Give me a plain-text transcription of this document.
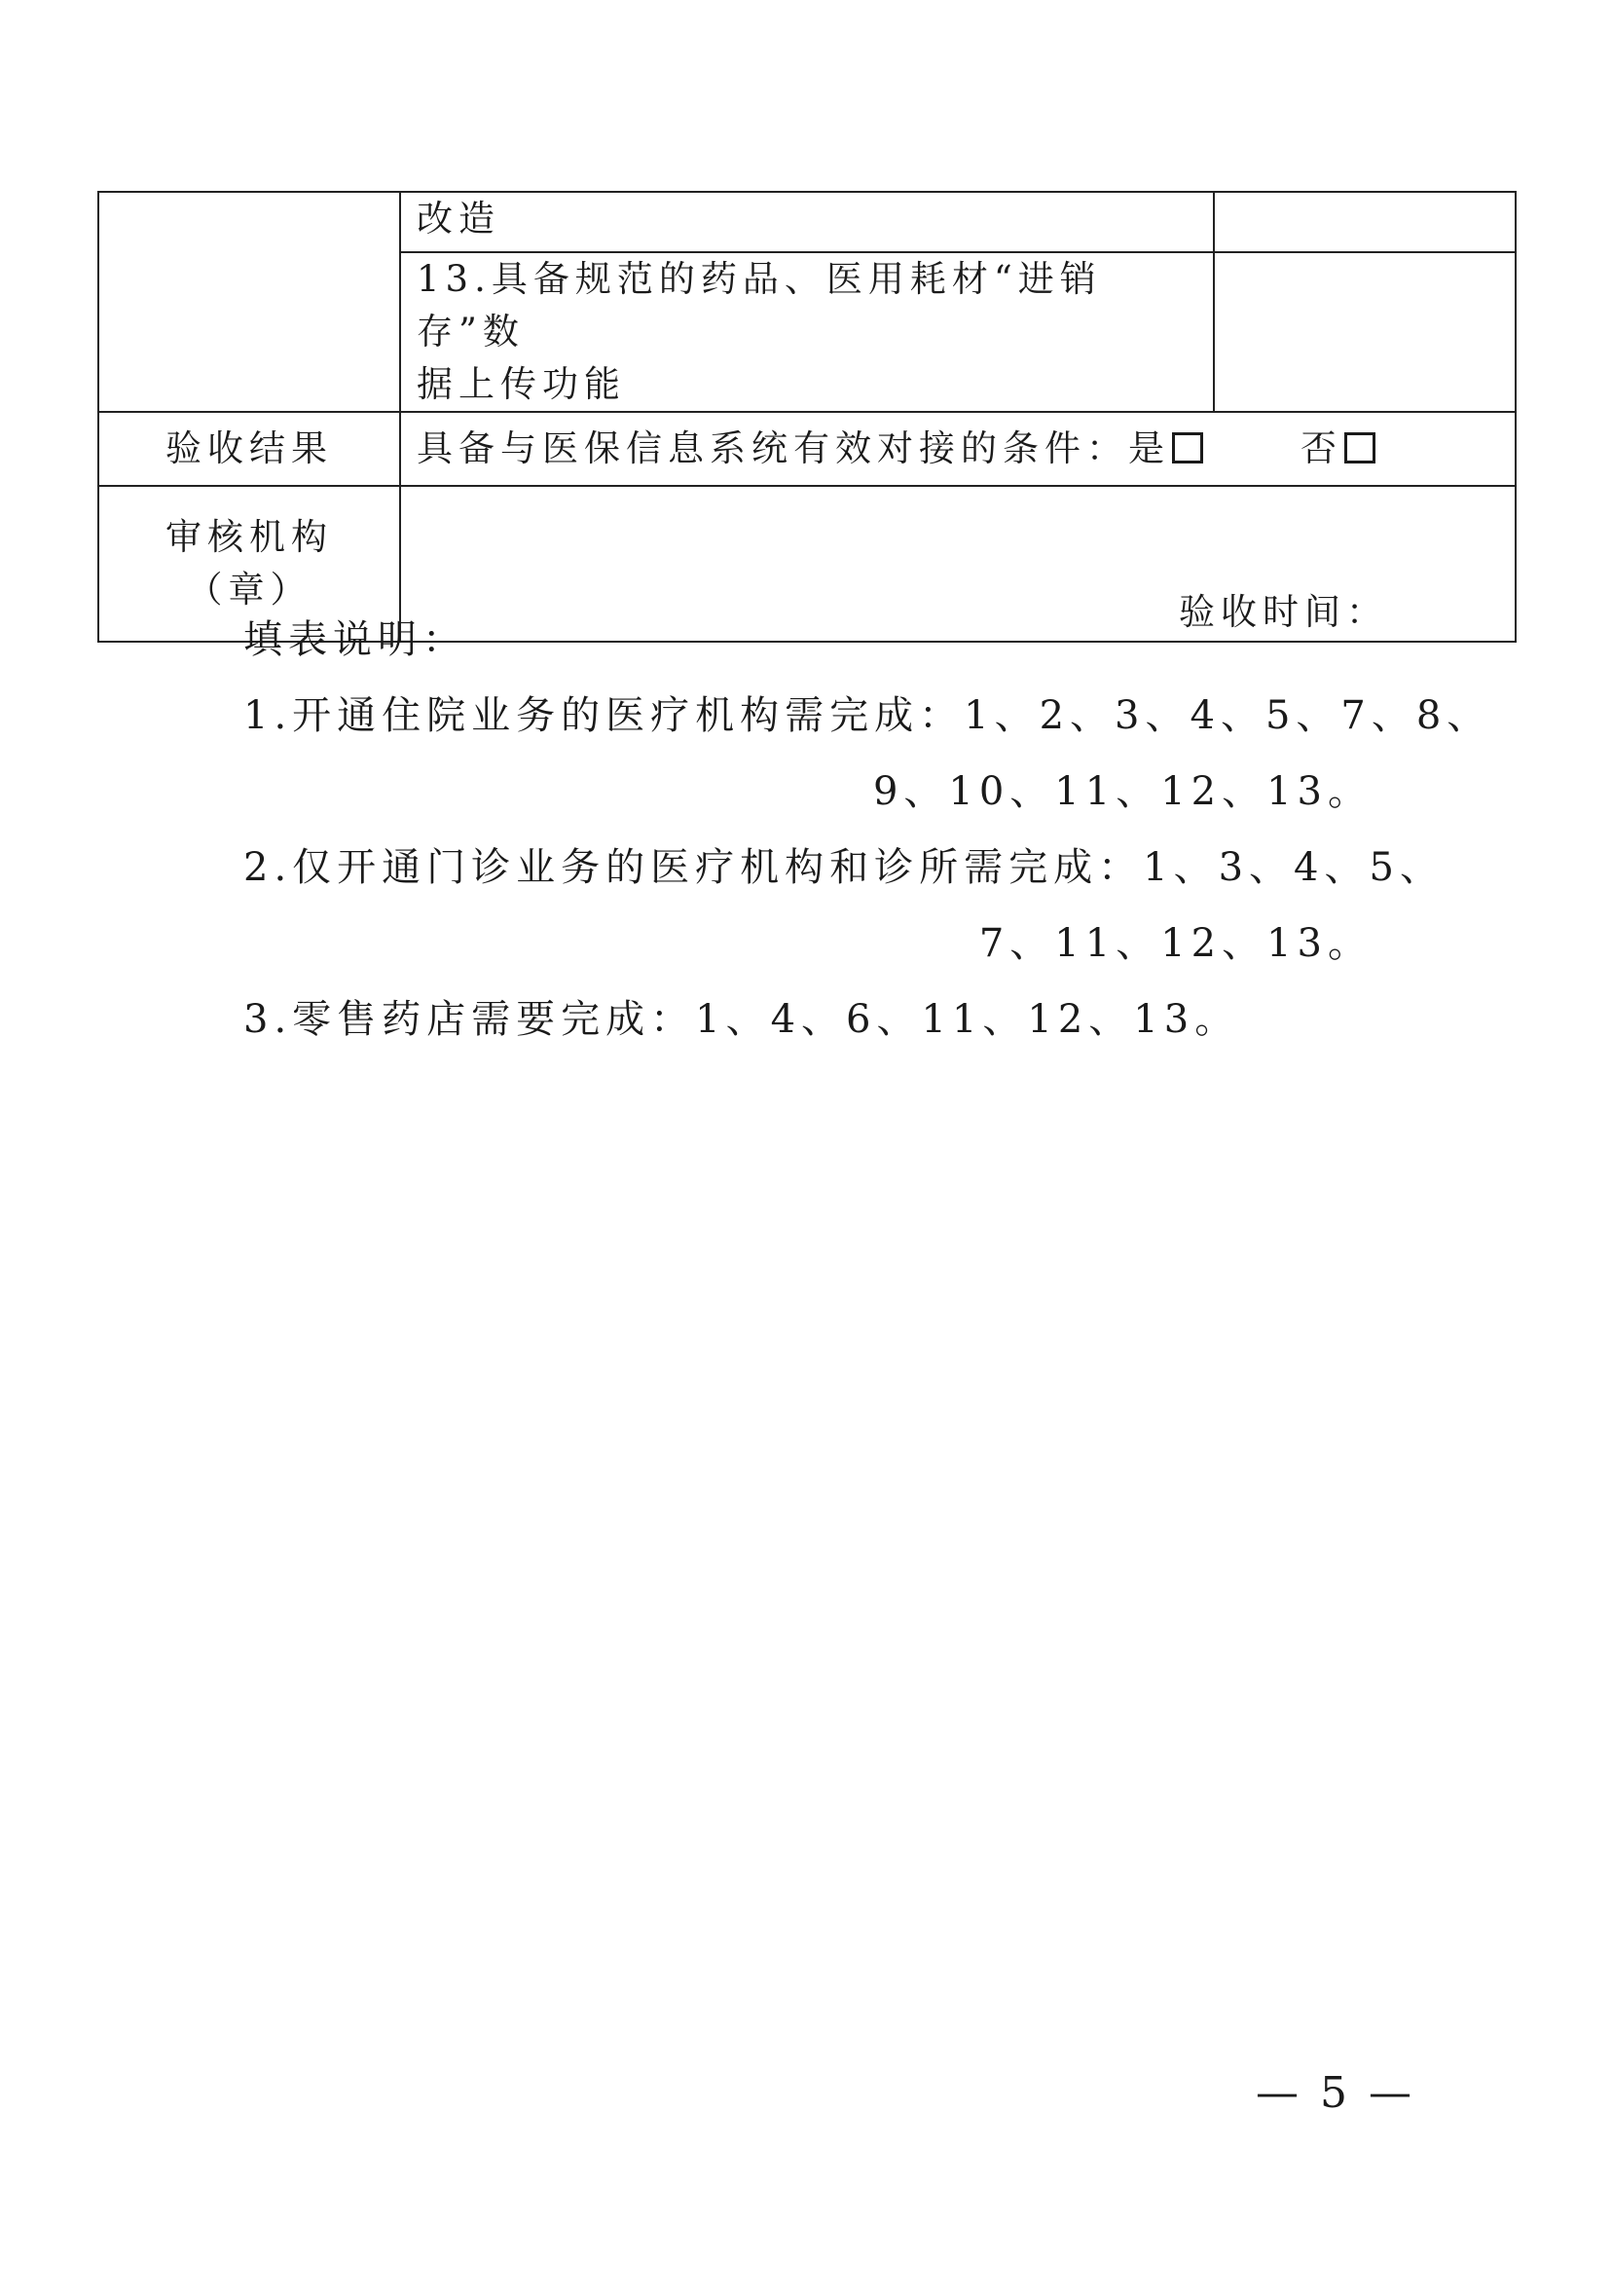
	改造	

	13.具备规范的药品、医用耗材“进销存”数
据上传功能	

验收结果	具备与医保信息系统有效对接的条件：是 否	

审核机构
（章）	验收时间：	
填表说明：
1.开通住院业务的医疗机构需完成：1、2、3、4、5、7、8、
9、10、11、12、13。
2.仅开通门诊业务的医疗机构和诊所需完成：1、3、4、5、
7、11、12、13。
3.零售药店需要完成：1、4、6、11、12、13。
— 5 —
